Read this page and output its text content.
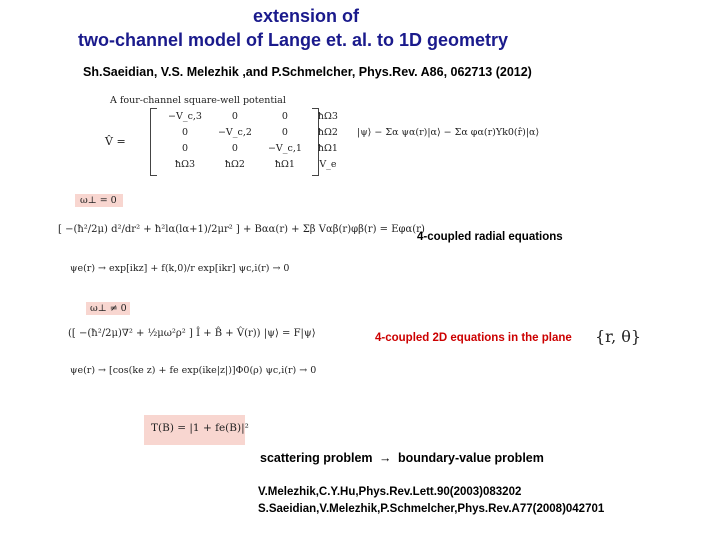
extension of
two-channel model of Lange et. al. to 1D geometry
Sh.Saeidian, V.S. Melezhik ,and P.Schmelcher, Phys.Rev. A86, 062713 (2012)
A four-channel square-well potential
V̂ =
−V_c,3	0	0	ħΩ3
0	−V_c,2	0	ħΩ2
0	0	−V_c,1	ħΩ1
ħΩ3	ħΩ2	ħΩ1	V_e
|ψ⟩ − Σα ψα(r)|α⟩ − Σα φα(r)Yk0(r̂)|α⟩
ω⊥ = 0
[ −(ħ²/2μ) d²/dr² + ħ²lα(lα+1)/2μr² ] + Bαα(r) + Σβ Vαβ(r)φβ(r) = Eφα(r)
ψe(r) → exp[ikz] + f(k,0)/r exp[ikr] ψc,i(r) → 0
4-coupled radial equations
ω⊥ ≠ 0
([ −(ħ²/2μ)∇² + ½μω²ρ² ] Î + B̂ + V̂(r)) |ψ⟩ = F|ψ⟩
ψe(r) → [cos(ke z) + fe exp(ike|z|)]Φ0(ρ) ψc,i(r) → 0
4-coupled 2D equations in the plane {r, θ}
T(B) = |1 + fe(B)|²
scattering problem → boundary-value problem
V.Melezhik,C.Y.Hu,Phys.Rev.Lett.90(2003)083202
S.Saeidian,V.Melezhik,P.Schmelcher,Phys.Rev.A77(2008)042701
